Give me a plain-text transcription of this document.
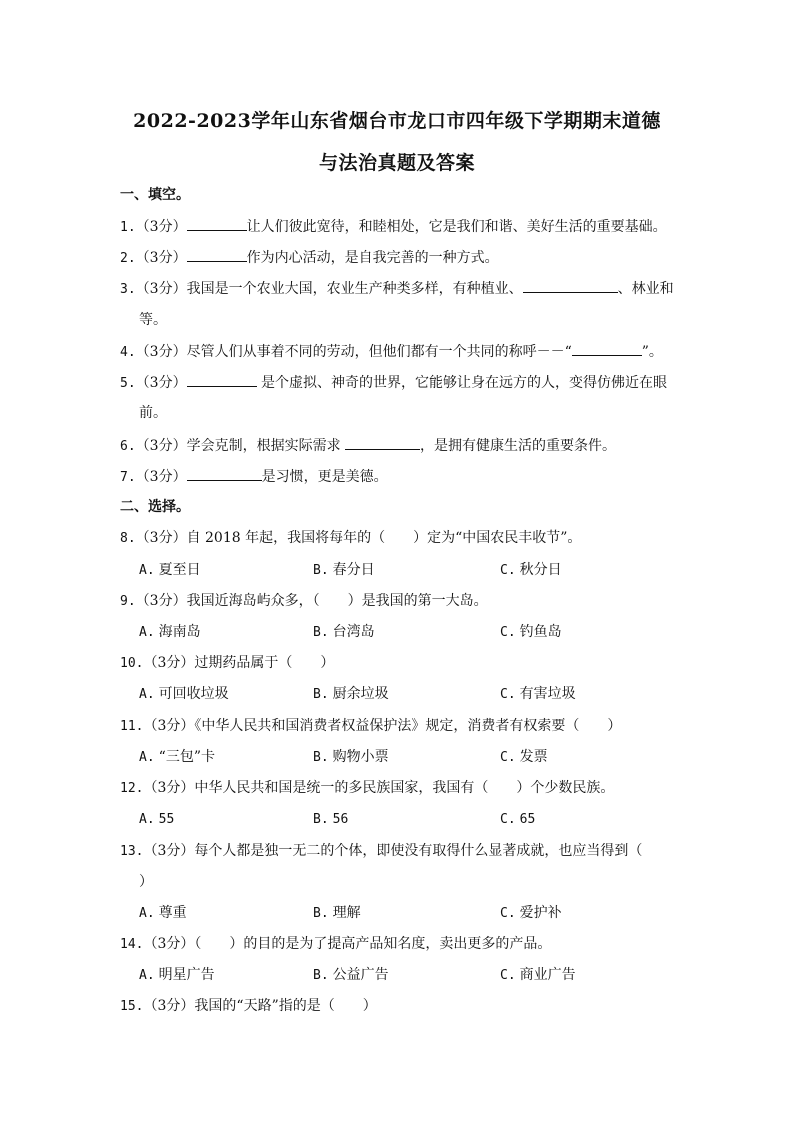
2022-2023学年山东省烟台市龙口市四年级下学期期末道德
与法治真题及答案
一、填空。
1.（3分）	让人们彼此宽待，和睦相处，它是我们和谐、美好生活的重要基础。
2.（3分）	作为内心活动，是自我完善的一种方式。
3.（3分）我国是一个农业大国，农业生产种类多样，有种植业、	、林业和
等。
4.（3分）尽管人们从事着不同的劳动，但他们都有一个共同的称呼－－“	”。
5.（3分）	是个虚拟、神奇的世界，它能够让身在远方的人，变得仿佛近在眼
前。
6.（3分）学会克制，根据实际需求	，是拥有健康生活的重要条件。
7.（3分）	是习惯，更是美德。
二、选择。
8.（3分）自 2018 年起，我国将每年的（　　）定为“中国农民丰收节”。
A. 夏至日	B. 春分日	C. 秋分日
9.（3分）我国近海岛屿众多，（　　）是我国的第一大岛。
A. 海南岛	B. 台湾岛	C. 钓鱼岛
10.（3分）过期药品属于（　　）
A. 可回收垃圾	B. 厨余垃圾	C. 有害垃圾
11.（3分）《中华人民共和国消费者权益保护法》规定，消费者有权索要（　　）
A. “三包”卡	B. 购物小票	C. 发票
12.（3分）中华人民共和国是统一的多民族国家，我国有（　　）个少数民族。
A. 55	B. 56	C. 65
13.（3分）每个人都是独一无二的个体，即使没有取得什么显著成就，也应当得到（
）
A. 尊重	B. 理解	C. 爱护补
14.（3分）（　　）的目的是为了提高产品知名度，卖出更多的产品。
A. 明星广告	B. 公益广告	C. 商业广告
15.（3分）我国的“天路”指的是（　　）
